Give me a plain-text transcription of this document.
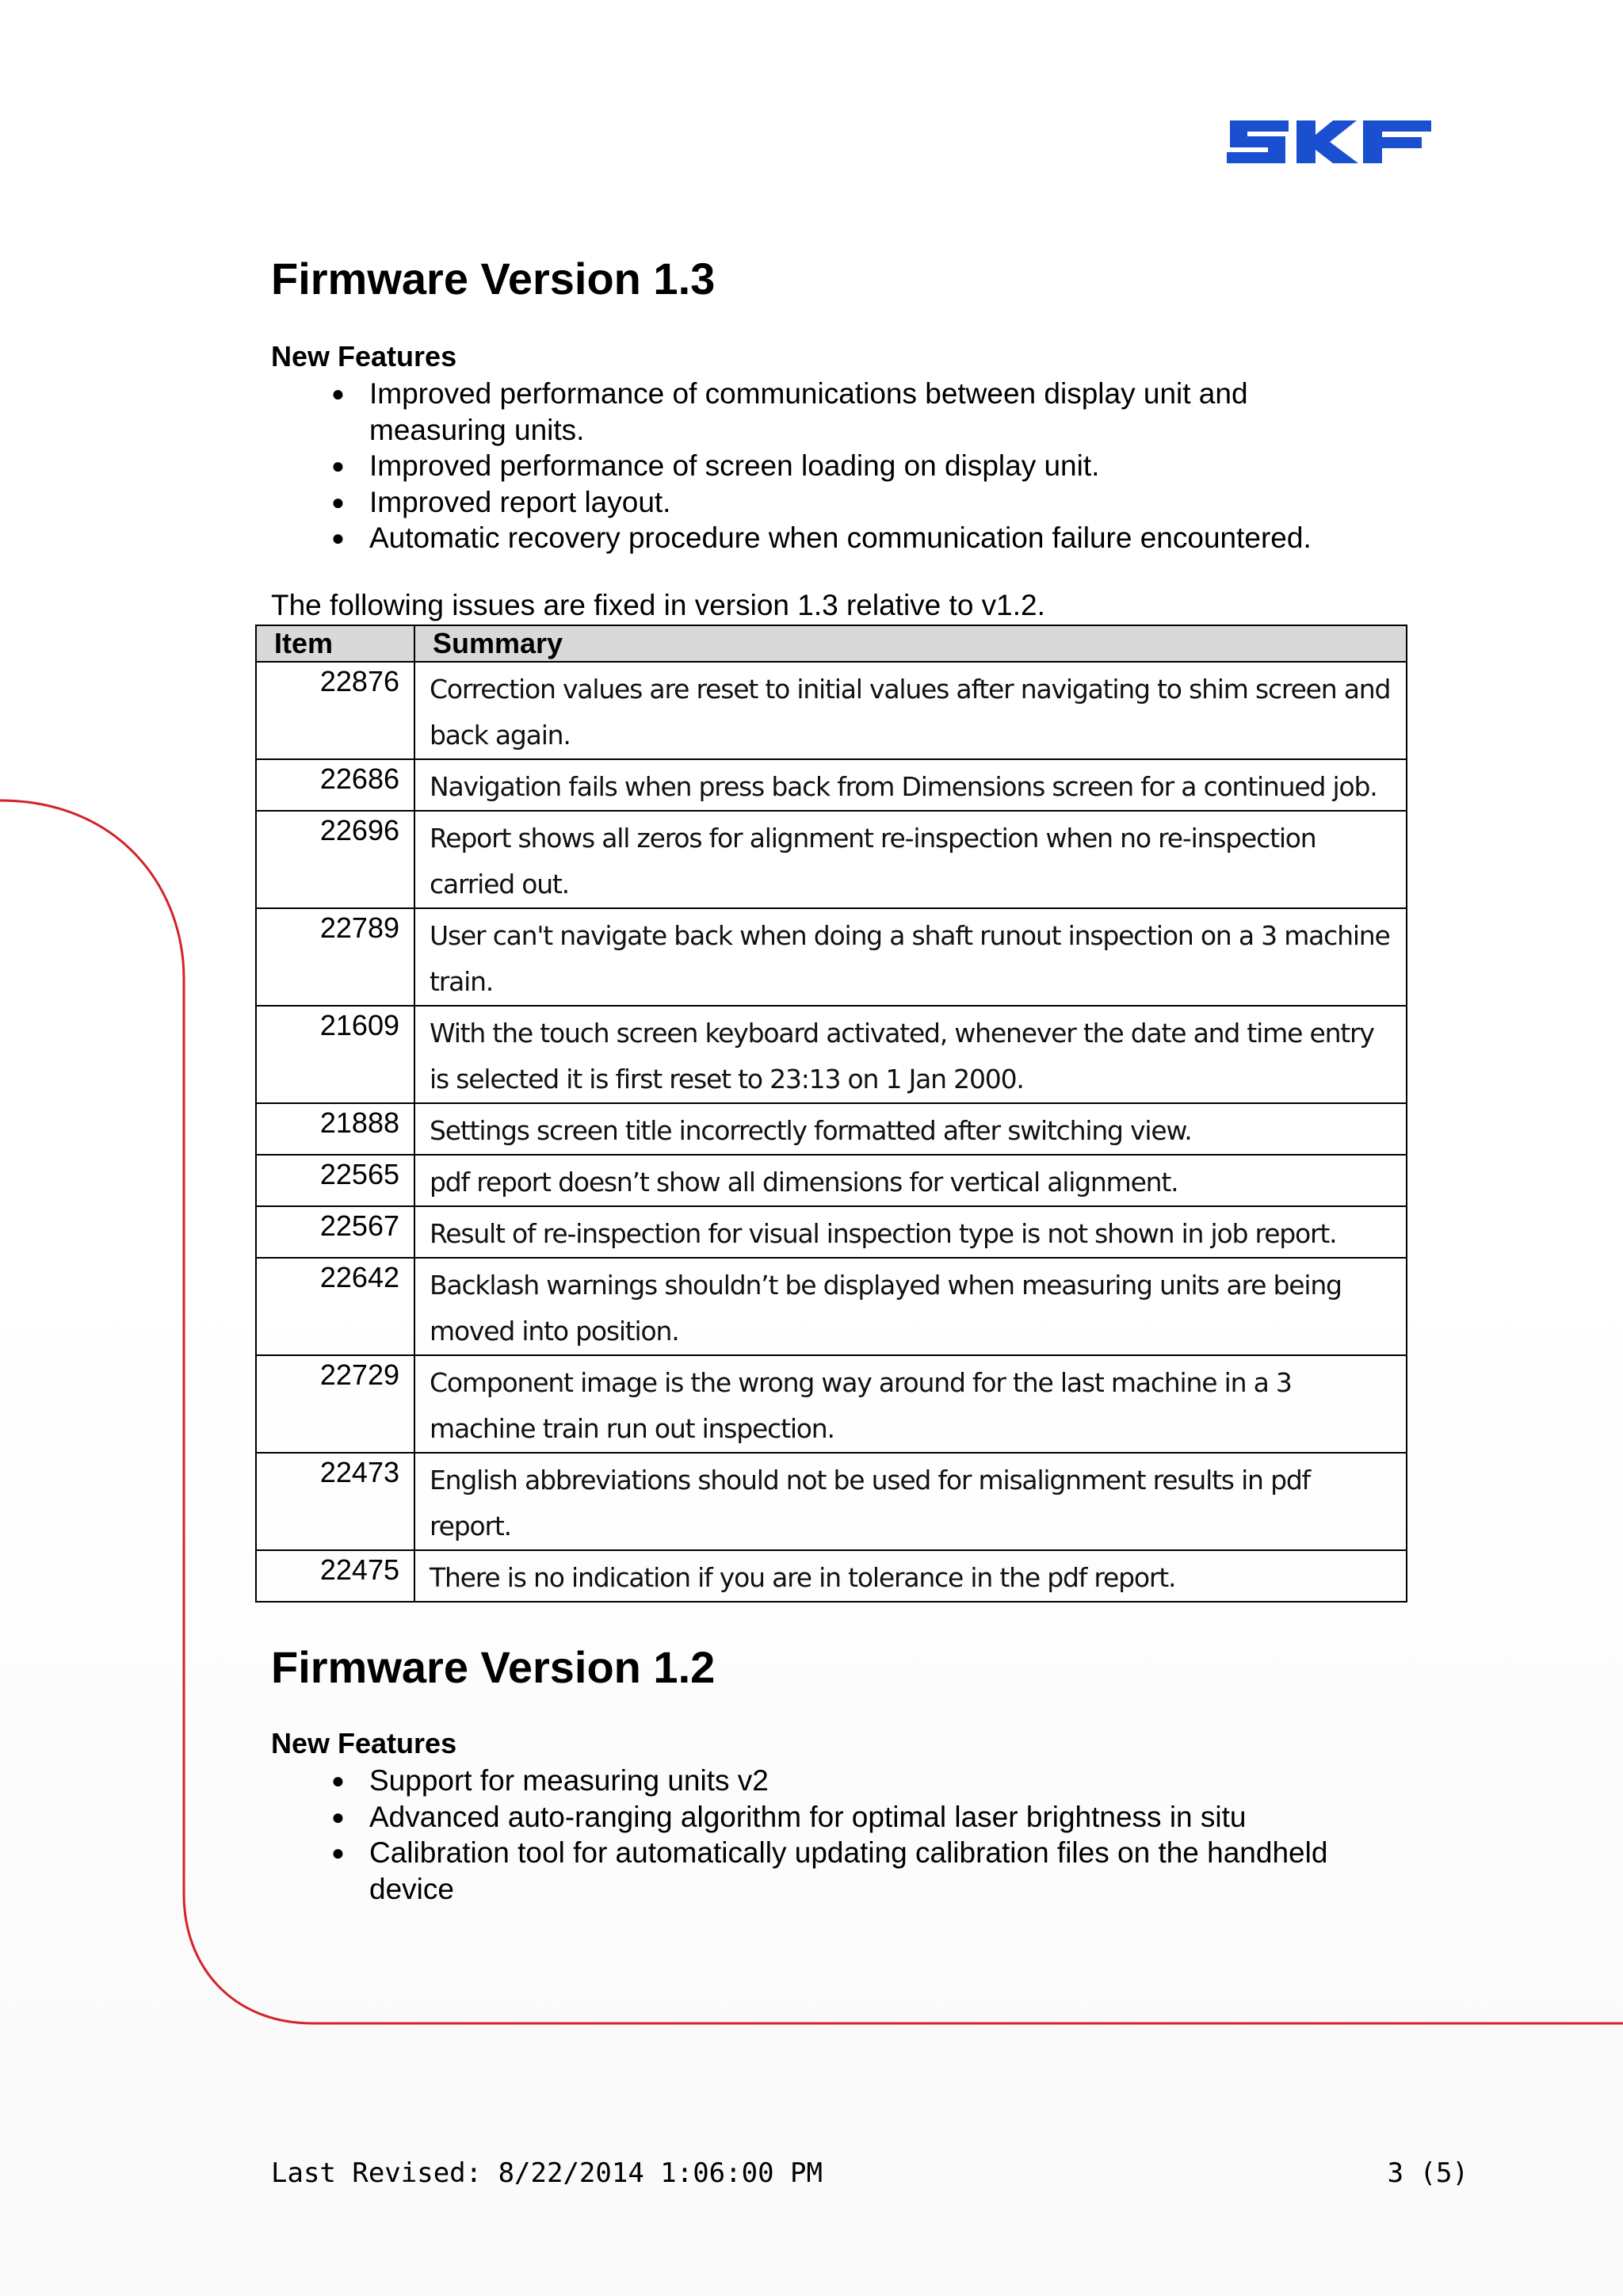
Firmware Version 1.3
New Features
● Improved performance of communications between display unit and measuring units.
● Improved performance of screen loading on display unit.
● Improved report layout.
● Automatic recovery procedure when communication failure encountered.
The following issues are fixed in version 1.3 relative to v1.2.
Item	Summary
22876	Correction values are reset to initial values after navigating to shim screen and back again.
22686	Navigation fails when press back from Dimensions screen for a continued job.
22696	Report shows all zeros for alignment re-inspection when no re-inspection carried out.
22789	User can't navigate back when doing a shaft runout inspection on a 3 machine train.
21609	With the touch screen keyboard activated, whenever the date and time entry is selected it is first reset to 23:13 on 1 Jan 2000.
21888	Settings screen title incorrectly formatted after switching view.
22565	pdf report doesn’t show all dimensions for vertical alignment.
22567	Result of re-inspection for visual inspection type is not shown in job report.
22642	Backlash warnings shouldn’t be displayed when measuring units are being moved into position.
22729	Component image is the wrong way around for the last machine in a 3 machine train run out inspection.
22473	English abbreviations should not be used for misalignment results in pdf report.
22475	There is no indication if you are in tolerance in the pdf report.
Firmware Version 1.2
New Features
● Support for measuring units v2
● Advanced auto-ranging algorithm for optimal laser brightness in situ
● Calibration tool for automatically updating calibration files on the handheld device
Last Revised: 8/22/2014 1:06:00 PM	3 (5)
